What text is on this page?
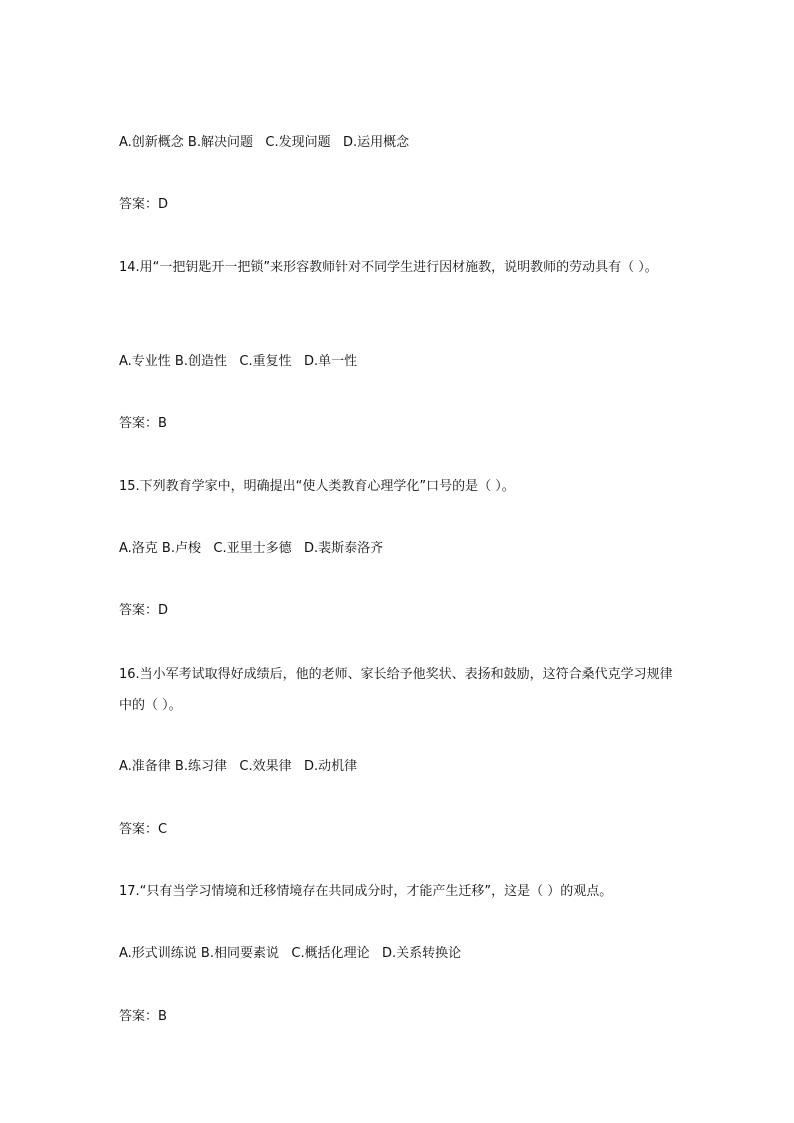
A.创新概念 B.解决问题   C.发现问题   D.运用概念

答案：D

14.用“一把钥匙开一把锁”来形容教师针对不同学生进行因材施教，说明教师的劳动具有（ ）。

A.专业性 B.创造性   C.重复性   D.单一性

答案：B

15.下列教育学家中，明确提出“使人类教育心理学化”口号的是（ ）。

A.洛克 B.卢梭   C.亚里士多德   D.裴斯泰洛齐

答案：D

16.当小军考试取得好成绩后，他的老师、家长给予他奖状、表扬和鼓励，这符合桑代克学习规律中的（ ）。

A.准备律 B.练习律   C.效果律   D.动机律

答案：C

17.“只有当学习情境和迁移情境存在共同成分时，才能产生迁移”，这是（ ）的观点。

A.形式训练说 B.相同要素说   C.概括化理论   D.关系转换论

答案：B
